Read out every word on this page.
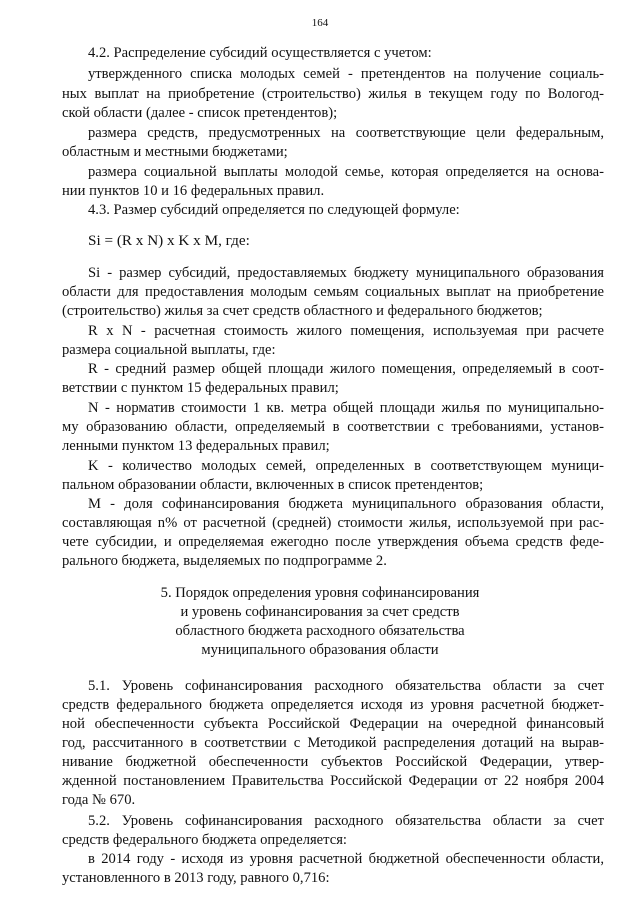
164
4.2. Распределение субсидий осуществляется с учетом:
утвержденного списка молодых семей - претендентов на получение социаль-
ных выплат на приобретение (строительство) жилья в текущем году по Вологод-
ской области (далее - список претендентов);
размера средств, предусмотренных на соответствующие цели федеральным,
областным и местными бюджетами;
размера социальной выплаты молодой семье, которая определяется на основа-
нии пунктов 10 и 16 федеральных правил.
4.3. Размер субсидий определяется по следующей формуле:
Si = (R x N) x K x M, где:
Si - размер субсидий, предоставляемых бюджету муниципального образования
области для предоставления молодым семьям социальных выплат на приобретение
(строительство) жилья за счет средств областного и федерального бюджетов;
R x N - расчетная стоимость жилого помещения, используемая при расчете
размера социальной выплаты, где:
R - средний размер общей площади жилого помещения, определяемый в соот-
ветствии с пунктом 15 федеральных правил;
N - норматив стоимости 1 кв. метра общей площади жилья по муниципально-
му образованию области, определяемый в соответствии с требованиями, установ-
ленными пунктом 13 федеральных правил;
K - количество молодых семей, определенных в соответствующем муници-
пальном образовании области, включенных в список претендентов;
M - доля софинансирования бюджета муниципального образования области,
составляющая n% от расчетной (средней) стоимости жилья, используемой при рас-
чете субсидии, и определяемая ежегодно после утверждения объема средств феде-
рального бюджета, выделяемых по подпрограмме 2.
5. Порядок определения уровня софинансирования
и уровень софинансирования за счет средств
областного бюджета расходного обязательства
муниципального образования области
5.1. Уровень софинансирования расходного обязательства области за счет
средств федерального бюджета определяется исходя из уровня расчетной бюджет-
ной обеспеченности субъекта Российской Федерации на очередной финансовый
год, рассчитанного в соответствии с Методикой распределения дотаций на вырав-
нивание бюджетной обеспеченности субъектов Российской Федерации, утвер-
жденной постановлением Правительства Российской Федерации от 22 ноября 2004
года № 670.
5.2. Уровень софинансирования расходного обязательства области за счет
средств федерального бюджета определяется:
в 2014 году - исходя из уровня расчетной бюджетной обеспеченности области,
установленного в 2013 году, равного 0,716:
